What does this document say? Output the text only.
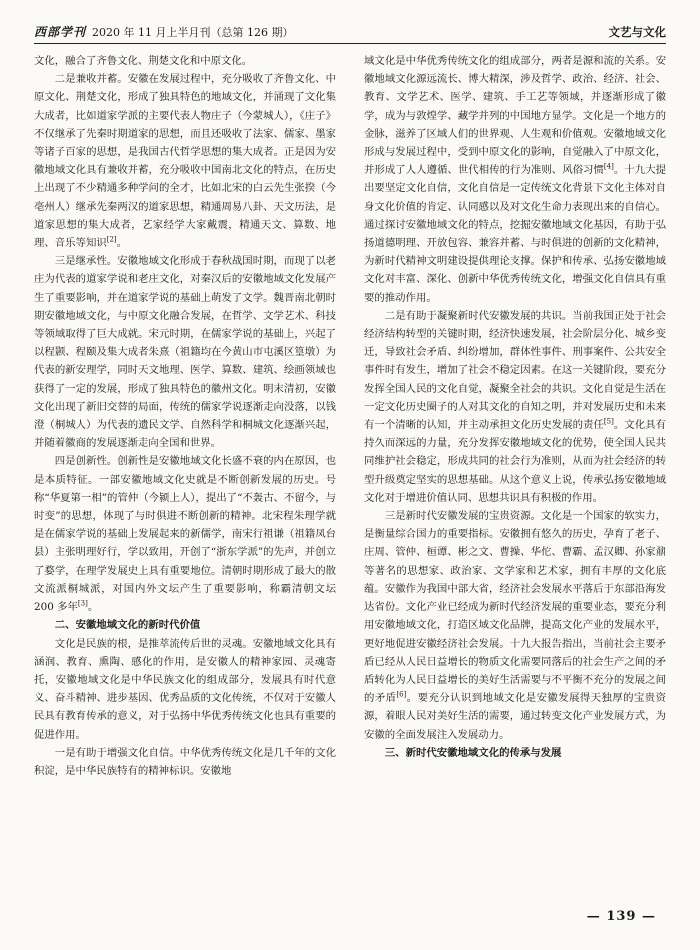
西部学刊 2020 年 11 月上半月刊（总第 126 期）	文艺与文化

文化，融合了齐鲁文化、荆楚文化和中原文化。

二是兼收并蓄。安徽在发展过程中，充分吸收了齐鲁文化、中原文化、荆楚文化，形成了独具特色的地域文化，并涌现了文化集大成者，比如道家学派的主要代表人物庄子（今蒙城人），《庄子》不仅继承了先秦时期道家的思想，而且还吸收了法家、儒家、墨家等诸子百家的思想，是我国古代哲学思想的集大成者。正是因为安徽地域文化具有兼收并蓄，充分吸收中国南北文化的特点，在历史上出现了不少精通多种学问的全才，比如北宋的白云先生张揆（今亳州人）继承先秦两汉的道家思想，精通周易八卦、天文历法，是道家思想的集大成者，艺家经学大家戴震，精通天文、算数、地理、音乐等知识[2]。

三是继承性。安徽地域文化形成于春秋战国时期，而现了以老庄为代表的道家学说和老庄文化，对秦汉后的安徽地域文化发展产生了重要影响，并在道家学说的基础上萌发了文学。魏晋南北朝时期安徽地域文化，与中原文化融合发展，在哲学、文学艺术、科技等领域取得了巨大成就。宋元时期，在儒家学说的基础上，兴起了以程颢、程颐及集大成者朱熹（祖籍均在今黄山市屯溪区篁墩）为代表的新安理学，同时天文地理、医学、算数、建筑、绘画领域也获得了一定的发展，形成了独具特色的徽州文化。明末清初，安徽文化出现了新旧交替的局面，传统的儒家学说逐渐走向没落，以钱澄（桐城人）为代表的遗民文学、自然科学和桐城文化逐渐兴起，并随着徽商的发展逐渐走向全国和世界。

四是创新性。创新性是安徽地域文化长盛不衰的内在原因，也是本质特征。一部安徽地域文化史就是不断创新发展的历史。号称“华夏第一相”的管仲（今颍上人），提出了“不轰古、不留今，与时变”的思想，体现了与时俱进不断创新的精神。北宋程朱理学就是在儒家学说的基础上发展起来的新儒学，南宋行祖谦（祖籍凤台县）主张明理好行，学以致用，开创了“浙东学派”的先声，并创立了婺学，在理学发展史上具有重要地位。清朝时期形成了最大的散文流派桐城派，对国内外文坛产生了重要影响，称霸清朝文坛 200 多年[3]。

二、安徽地域文化的新时代价值

文化是民族的根，是推萃流传后世的灵魂。安徽地域文化具有涵润、教育、熏陶、感化的作用，是安徽人的精神家园、灵魂寄托，安徽地域文化是中华民族文化的组成部分，发展具有时代意义、奋斗精神、进步基因、优秀品质的文化传统，不仅对于安徽人民具有教育传承的意义，对于弘扬中华优秀传统文化也具有重要的促进作用。

一是有助于增强文化自信。中华优秀传统文化是几千年的文化积淀，是中华民族特有的精神标识。安徽地

域文化是中华优秀传统文化的组成部分，两者是源和流的关系。安徽地域文化源远流长、博大精深，涉及哲学、政治、经济、社会、教育、文学艺术、医学、建筑、手工艺等领域，并逐渐形成了徽学，成为与敦煌学、藏学并列的中国地方显学。文化是一个地方的金脉，滋养了区域人们的世界观、人生观和价值观。安徽地域文化形成与发展过程中，受到中原文化的影响，自觉融入了中原文化，并形成了人人遵循、世代相传的行为准则、风俗习惯[4]。十九大提出要坚定文化自信，文化自信是一定传统文化背景下文化主体对自身文化价值的肯定、认同感以及对文化生命力表现出来的自信心。通过探讨安徽地域文化的特点，挖掘安徽地域文化基因，有助于弘扬道德明理、开放包容、兼容并蓄、与时俱进的创新的文化精神，为新时代精神文明建设提供理论支撑。保护和传承、弘扬安徽地域文化对丰富、深化、创新中华优秀传统文化，增强文化自信具有重要的推动作用。

二是有助于凝聚新时代安徽发展的共识。当前我国正处于社会经济结构转型的关键时期，经济快速发展，社会阶层分化、城乡变迁，导致社会矛盾、纠纷增加，群体性事件、刑事案件、公共安全事件时有发生，增加了社会不稳定因素。在这一关键阶段，要充分发挥全国人民的文化自觉，凝聚全社会的共识。文化自觉是生活在一定文化历史圈子的人对其文化的自知之明，并对发展历史和未来有一个清晰的认知，并主动承担文化历史发展的责任[5]。文化具有持久而深远的力量，充分发挥安徽地域文化的优势，使全国人民共同维护社会稳定，形成共同的社会行为准则，从而为社会经济的转型升级奠定坚实的思想基础。从这个意义上说，传承弘扬安徽地域文化对于增进价值认同、思想共识具有积极的作用。

三是新时代安徽发展的宝贵资源。文化是一个国家的软实力，是衡量综合国力的重要指标。安徽拥有悠久的历史，孕育了老子、庄周、管仲、桓谭、彬之文、曹操、华佗、曹霸、孟汉卿、孙家鼐等著名的思想家、政治家、文学家和艺术家，拥有丰厚的文化底蕴。安徽作为我国中部大省，经济社会发展水平落后于东部沿海发达省份。文化产业已经成为新时代经济发展的重要业态，要充分利用安徽地域文化，打造区域文化品牌，提高文化产业的发展水平，更好地促进安徽经济社会发展。十九大报告指出，当前社会主要矛盾已经从人民日益增长的物质文化需要同落后的社会生产之间的矛盾转化为人民日益增长的美好生活需要与不平衡不充分的发展之间的矛盾[6]。要充分认识到地域文化是安徽发展得天独厚的宝贵资源，着眼人民对美好生活的需要，通过转变文化产业发展方式，为安徽的全面发展注入发展动力。

三、新时代安徽地域文化的传承与发展
— 139 —
